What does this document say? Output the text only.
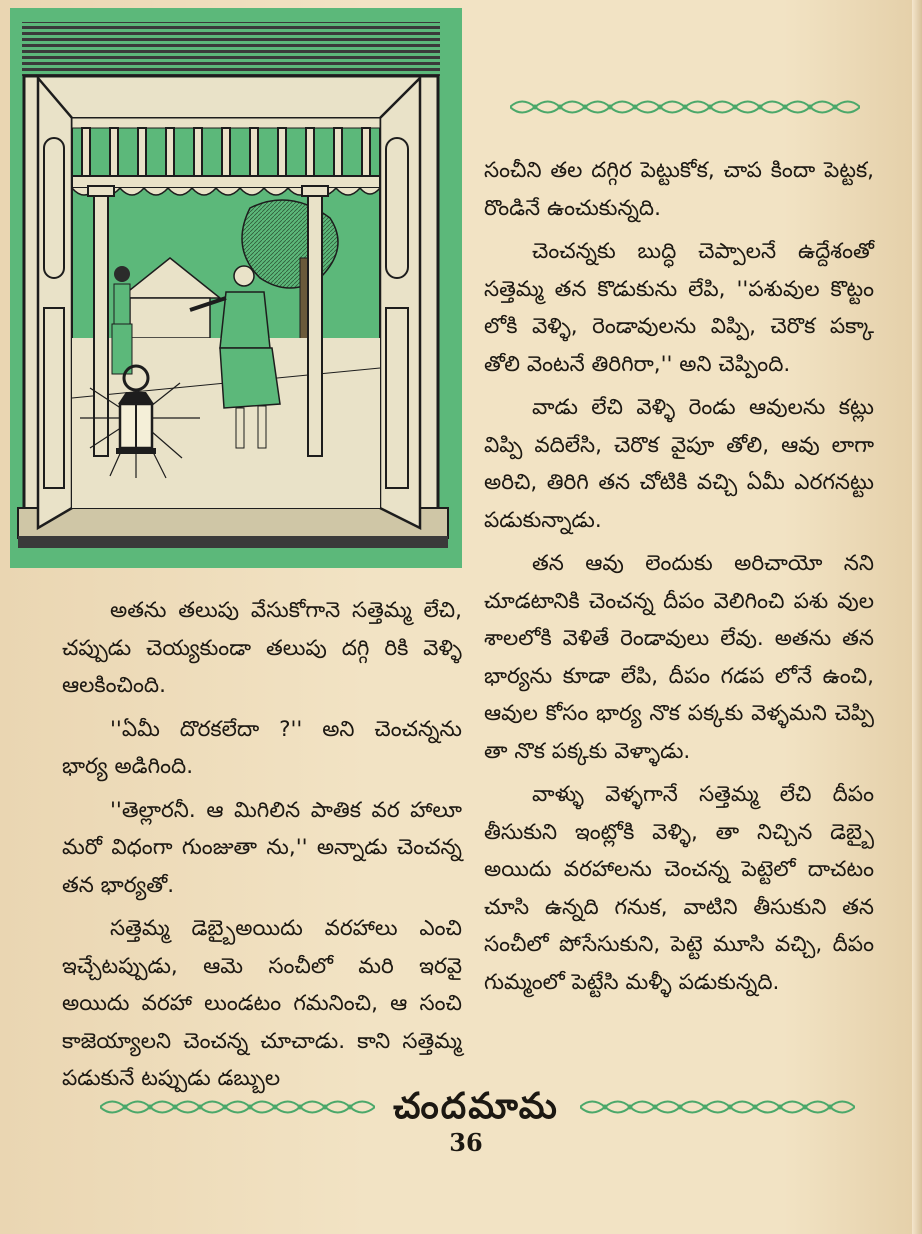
సంచీని తల దగ్గిర పెట్టుకోక, చాప కిందా పెట్టక, రొండినే ఉంచుకున్నది.

చెంచన్నకు బుద్ధి చెప్పాలనే ఉద్దేశంతో సత్తెమ్మ తన కొడుకును లేపి, ''పశువుల కొట్టం లోకి వెళ్ళి, రెండావులను విప్పి, చెరొక పక్కా తోలి వెంటనే తిరిగిరా,'' అని చెప్పింది.

వాడు లేచి వెళ్ళి రెండు ఆవులను కట్లు విప్పి వదిలేసి, చెరొక వైపూ తోలి, ఆవు లాగా అరిచి, తిరిగి తన చోటికి వచ్చి ఏమీ ఎరగనట్టు పడుకున్నాడు.

తన ఆవు లెందుకు అరిచాయో నని చూడటానికి చెంచన్న దీపం వెలిగించి పశు వుల శాలలోకి వెళితే రెండావులు లేవు. అతను తన భార్యను కూడా లేపి, దీపం గడప లోనే ఉంచి, ఆవుల కోసం భార్య నొక పక్కకు వెళ్ళమని చెప్పి తా నొక పక్కకు వెళ్ళాడు.

వాళ్ళు వెళ్ళగానే సత్తెమ్మ లేచి దీపం తీసుకుని ఇంట్లోకి వెళ్ళి, తా నిచ్చిన డెబ్బై అయిదు వరహాలను చెంచన్న పెట్టెలో దాచటం చూసి ఉన్నది గనుక, వాటిని తీసుకుని తన సంచీలో పోసేసుకుని, పెట్టె మూసి వచ్చి, దీపం గుమ్మంలో పెట్టేసి మళ్ళీ పడుకున్నది.

అతను తలుపు వేసుకోగానె సత్తెమ్మ లేచి, చప్పుడు చెయ్యకుండా తలుపు దగ్గి రికి వెళ్ళి ఆలకించింది.

''ఏమీ దొరకలేదా ?'' అని చెంచన్నను భార్య అడిగింది.

''తెల్లారనీ. ఆ మిగిలిన పాతిక వర హాలూ మరో విధంగా గుంజుతా ను,'' అన్నాడు చెంచన్న తన భార్యతో.

సత్తెమ్మ డెబ్బైఅయిదు వరహాలు ఎంచి ఇచ్చేటప్పుడు, ఆమె సంచీలో మరి ఇరవై అయిదు వరహా లుండటం గమనించి, ఆ సంచి కాజెయ్యాలని చెంచన్న చూచాడు. కాని సత్తెమ్మ పడుకునే టప్పుడు డబ్బుల

చందమామ
36
